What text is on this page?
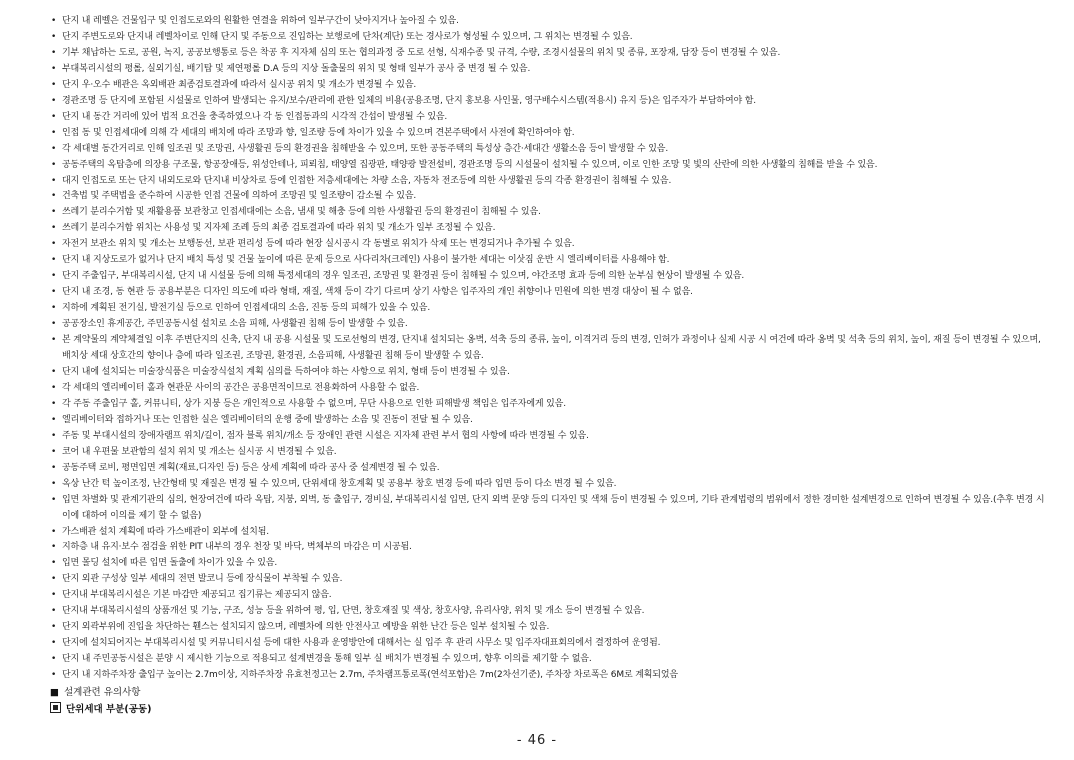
• 단지 내 레벨은 건물입구 및 인접도로와의 원활한 연결을 위하여 일부구간이 낮아지거나 높아질 수 있음.
• 단지 주변도로와 단지내 레벨차이로 인해 단지 및 주동으로 진입하는 보행로에 단차(계단) 또는 경사로가 형성될 수 있으며, 그 위치는 변경될 수 있음.
• 기부 채납하는 도로, 공원, 녹지, 공공보행통로 등은 착공 후 지자체 심의 또는 협의과정 중 도로 선형, 식재수종 및 규격, 수량, 조경시설물의 위치 및 종류, 포장재, 담장 등이 변경될 수 있음.
• 부대복리시설의 평롤, 실외기실, 배기탑 및 제연평롤 D.A 등의 지상 돌출물의 위치 및 형태 일부가 공사 중 변경 될 수 있음.
• 단지 우·오수 배관은 옥외배관 최종검토결과에 따라서 실시공 위치 및 개소가 변경될 수 있음.
• 경관조명 등 단지에 포함된 시설물로 인하여 발생되는 유지/보수/관리에 관한 일체의 비용(공용조명, 단지 홍보용 사인물, 영구배수시스템(적용시) 유지 등)은 입주자가 부담하여야 함.
• 단지 내 동간 거리에 있어 법적 요건을 충족하였으나 각 동 인접동과의 시각적 간섭이 발생될 수 있음.
• 인접 동 및 인접세대에 의해 각 세대의 배치에 따라 조망과 향, 일조량 등에 차이가 있을 수 있으며 견본주택에서 사전에 확인하여야 함.
• 각 세대별 동간거리로 인해 일조권 및 조망권, 사생활권 등의 환경권을 침해받을 수 있으며, 또한 공동주택의 특성상 층간·세대간 생활소음 등이 발생할 수 있음.
• 공동주택의 옥탑층에 의장용 구조물, 항공장애등, 위성안테나, 피뢰침, 태양열 집광판, 태양광 발전설비, 경관조명 등의 시설물이 설치될 수 있으며, 이로 인한 조망 및 빛의 산란에 의한 사생활의 침해를 받을 수 있음.
• 대지 인접도로 또는 단지 내외도로와 단지내 비상차로 등에 인접한 저층세대에는 차량 소음, 자동차 전조등에 의한 사생활권 등의 각종 환경권이 침해될 수 있음.
• 건축법 및 주택법을 준수하여 시공한 인접 건물에 의하여 조망권 및 일조량이 감소될 수 있음.
• 쓰레기 분리수거함 및 재활용품 보관창고 인접세대에는 소음, 냄새 및 해충 등에 의한 사생활권 등의 환경권이 침해될 수 있음.
• 쓰레기 분리수거함 위치는 사용성 및 지자체 조례 등의 최종 검토결과에 따라 위치 및 개소가 일부 조정될 수 있음.
• 자전거 보관소 위치 및 개소는 보행동선, 보관 편리성 등에 따라 현장 실시공시 각 동별로 위치가 삭제 또는 변경되거나 추가될 수 있음.
• 단지 내 지상도로가 없거나 단지 배치 특성 및 건물 높이에 따른 문제 등으로 사다리차(크레인) 사용이 불가한 세대는 이삿짐 운반 시 엘리베이터를 사용해야 함.
• 단지 주출입구, 부대복리시설, 단지 내 시설물 등에 의해 특정세대의 경우 일조권, 조망권 및 환경권 등이 침해될 수 있으며, 야간조명 효과 등에 의한 눈부심 현상이 발생될 수 있음.
• 단지 내 조경, 동 현관 등 공용부분은 디자인 의도에 따라 형태, 재질, 색채 등이 각기 다르며 상기 사항은 입주자의 개인 취향이나 민원에 의한 변경 대상이 될 수 없음.
• 지하에 계획된 전기실, 발전기실 등으로 인하여 인접세대의 소음, 진동 등의 피해가 있을 수 있음.
• 공공장소인 휴게공간, 주민공동시설 설치로 소음 피해, 사생활권 침해 등이 발생할 수 있음.
• 본 계약물의 계약체결일 이후 주변단지의 신축, 단지 내 공용 시설물 및 도로선형의 변경, 단지내 설치되는 옹벽, 석축 등의 종류, 높이, 이격거리 등의 변경, 인허가 과정이나 실제 시공 시 여건에 따라 옹벽 및 석축 등의 위치, 높이, 재질 등이 변경될 수 있으며, 배치상 세대 상호간의 향이나 층에 따라 일조권, 조망권, 환경권, 소음피해, 사생활권 침해 등이 발생할 수 있음.
• 단지 내에 설치되는 미술장식품은 미술장식설치 계획 심의를 득하여야 하는 사항으로 위치, 형태 등이 변경될 수 있음.
• 각 세대의 엘리베이터 홀과 현관문 사이의 공간은 공용면적이므로 전용화하여 사용할 수 없음.
• 각 주동 주출입구 홀, 커뮤니티, 상가 지붕 등은 개인적으로 사용할 수 없으며, 무단 사용으로 인한 피해발생 책임은 입주자에게 있음.
• 엘리베이터와 접하거나 또는 인접한 실은 엘리베이터의 운행 중에 발생하는 소음 및 진동이 전달 될 수 있음.
• 주동 및 부대시설의 장애자램프 위치/길이, 점자 블록 위치/개소 등 장애인 관련 시설은 지자체 관련 부서 협의 사항에 따라 변경될 수 있음.
• 코어 내 우편물 보관함의 설치 위치 및 개소는 실시공 시 변경될 수 있음.
• 공동주택 로비, 평면입면 계획(재료,디자인 등) 등은 상세 계획에 따라 공사 중 설계변경 될 수 있음.
• 옥상 난간 턱 높이조정, 난간형태 및 재질은 변경 될 수 있으며, 단위세대 창호계획 및 공용부 창호 변경 등에 따라 입면 등이 다소 변경 될 수 있음.
• 입면 차별화 및 관계기관의 심의, 현장여건에 따라 옥탑, 지붕, 외벽, 동 출입구, 경비실, 부대복리시설 입면, 단지 외벽 문양 등의 디자인 및 색채 등이 변경될 수 있으며, 기타 관계법령의 범위에서 정한 경미한 설계변경으로 인하여 변경될 수 있음.(추후 변경 시 이에 대하여 이의를 제기 할 수 없음)
• 가스배관 설치 계획에 따라 가스배관이 외부에 설치됨.
• 지하층 내 유지·보수 점검을 위한 PIT 내부의 경우 천장 및 바닥, 벽체부의 마감은 미 시공됨.
• 입면 몰딩 설치에 따른 입면 돌출에 차이가 있을 수 있음.
• 단지 외관 구성상 일부 세대의 전면 발코니 등에 장식물이 부착될 수 있음.
• 단지내 부대복리시설은 기본 마감만 제공되고 집기류는 제공되지 않음.
• 단지내 부대복리시설의 상품개선 및 기능, 구조, 성능 등을 위하여 평, 입, 단면, 창호재질 및 색상, 창호사양, 유리사양, 위치 및 개소 등이 변경될 수 있음.
• 단지 외곽부위에 진입을 차단하는 휀스는 설치되지 않으며, 레벨차에 의한 안전사고 예방을 위한 난간 등은 일부 설치될 수 있음.
• 단지에 설치되어지는 부대복리시설 및 커뮤니티시설 등에 대한 사용과 운영방안에 대해서는 실 입주 후 관리 사무소 및 입주자대표회의에서 결정하여 운영됨.
• 단지 내 주민공동시설은 분양 시 제시한 기능으로 적용되고 설계변경을 통해 일부 실 배치가 변경될 수 있으며, 향후 이의를 제기할 수 없음.
• 단지 내 지하주차장 출입구 높이는 2.7m이상, 지하주차장 유효천정고는 2.7m, 주차램프통로폭(연석포함)은 7m(2차선기준), 주차장 차로폭은 6M로 계획되었음
■ 설계관련 유의사항
단위세대 부분(공동)
- 46 -
